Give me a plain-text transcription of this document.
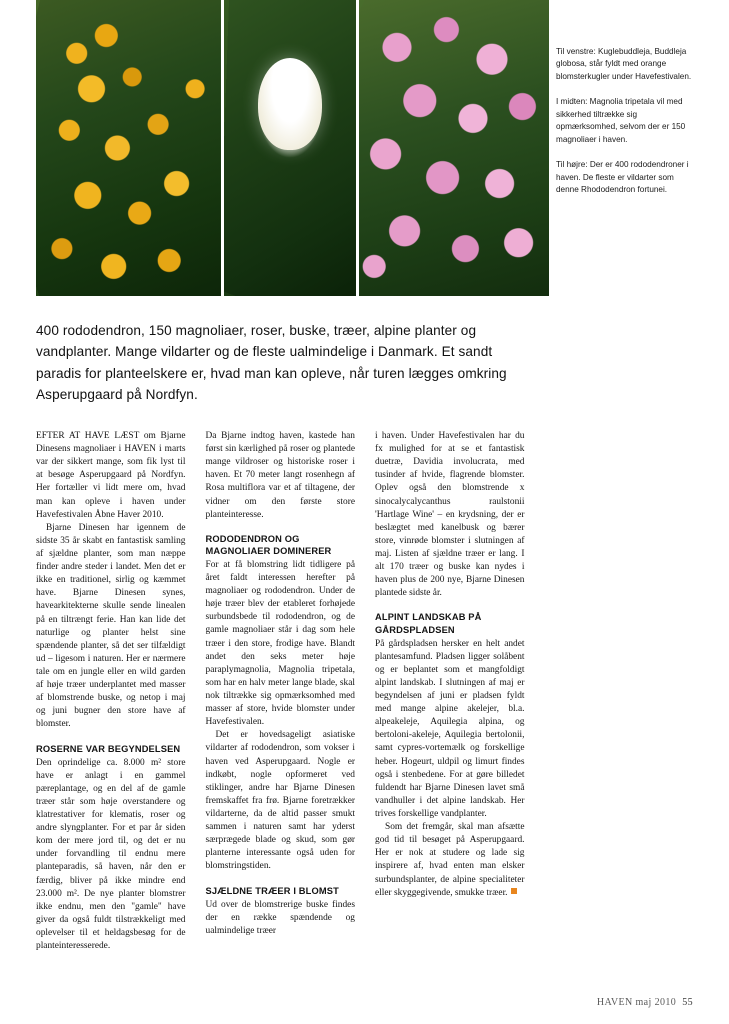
Til venstre: Kuglebuddleja, Buddleja globosa, står fyldt med orange blomsterkugler under Havefestivalen.

I midten: Magnolia tripetala vil med sikkerhed tiltrække sig opmærksomhed, selvom der er 150 magnoliaer i haven.

Til højre: Der er 400 rododendroner i haven. De fleste er vildarter som denne Rhododendron fortunei.

400 rododendron, 150 magnoliaer, roser, buske, træer, alpine planter og vandplanter. Mange vildarter og de fleste ualmindelige i Danmark. Et sandt paradis for planteelskere er, hvad man kan opleve, når turen lægges omkring Asperupgaard på Nordfyn.

EFTER AT HAVE LÆST om Bjarne Dinesens magnoliaer i HAVEN i marts var der sikkert mange, som fik lyst til at besøge Asperupgaard på Nordfyn. Her fortæller vi lidt mere om, hvad man kan opleve i haven under Havefestivalen Åbne Haver 2010.

Bjarne Dinesen har igennem de sidste 35 år skabt en fantastisk samling af sjældne planter, som man næppe finder andre steder i landet. Men det er ikke en traditionel, sirlig og kæmmet have. Bjarne Dinesen synes, havearkitekterne skulle sende linealen på en tiltrængt ferie. Han kan lide det naturlige og planter helst sine spændende planter, så det ser tilfældigt ud – ligesom i naturen. Her er nærmere tale om en jungle eller en wild garden af høje træer underplantet med masser af blomstrende buske, og netop i maj og juni bugner den store have af blomster.

ROSERNE VAR BEGYNDELSEN

Den oprindelige ca. 8.000 m² store have er anlagt i en gammel pæreplantage, og en del af de gamle træer står som høje overstandere og klatrestativer for klematis, roser og andre slyngplanter. For et par år siden kom der mere jord til, og det er nu under forvandling til endnu mere planteparadis, så haven, når den er færdig, bliver på ikke mindre end 23.000 m². De nye planter blomstrer ikke endnu, men den "gamle" have giver da også fuldt tilstrækkeligt med oplevelser til et heldagsbesøg for de planteinteresserede.

Da Bjarne indtog haven, kastede han først sin kærlighed på roser og plantede mange vildroser og historiske roser i haven. Et 70 meter langt rosenhegn af Rosa multiflora var et af tiltagene, der vidner om den første store planteinteresse.

RODODENDRON OG MAGNOLIAER DOMINERER

For at få blomstring lidt tidligere på året faldt interessen herefter på magnoliaer og rododendron. Under de høje træer blev der etableret forhøjede surbundsbede til rododendron, og de gamle magnoliaer står i dag som hele træer i den store, frodige have. Blandt andet den seks meter høje paraplymagnolia, Magnolia tripetala, som har en halv meter lange blade, skal nok tiltrække sig opmærksomhed med masser af store, hvide blomster under Havefestivalen.

Det er hovedsageligt asiatiske vildarter af rododendron, som vokser i haven ved Asperupgaard. Nogle er indkøbt, nogle opformeret ved stiklinger, andre har Bjarne Dinesen fremskaffet fra frø. Bjarne foretrækker vildarterne, da de altid passer smukt sammen i naturen samt har yderst særprægede blade og skud, som gør planterne interessante også uden for blomstringstiden.

SJÆLDNE TRÆER I BLOMST

Ud over de blomstrerige buske findes der en række spændende og ualmindelige træer

i haven. Under Havefestivalen har du fx mulighed for at se et fantastisk duetræ, Davidia involucrata, med tusinder af hvide, flagrende blomster. Oplev også den blomstrende x sinocalycalycanthus raulstonii 'Hartlage Wine' – en krydsning, der er beslægtet med kanelbusk og bærer store, vinrøde blomster i slutningen af maj. Listen af sjældne træer er lang. I alt 170 træer og buske kan nydes i haven plus de 200 nye, Bjarne Dinesen plantede sidste år.

ALPINT LANDSKAB PÅ GÅRDSPLADSEN

På gårdspladsen hersker en helt andet plantesamfund. Pladsen ligger solåbent og er beplantet som et mangfoldigt alpint landskab. I slutningen af maj er begyndelsen af juni er pladsen fyldt med mange alpine akelejer, bl.a. alpeakeleje, Aquilegia alpina, og bertoloni-akeleje, Aquilegia bertolonii, samt cypres-vortemælk og forskellige heber. Hogeurt, uldpil og limurt findes også i stenbedene. For at gøre billedet fuldendt har Bjarne Dinesen lavet små vandhuller i det alpine landskab. Her trives forskellige vandplanter.

Som det fremgår, skal man afsætte god tid til besøget på Asperupgaard. Her er nok at studere og lade sig inspirere af, hvad enten man elsker surbundsplanter, de alpine specialiteter eller skyggegivende, smukke træer.

HAVEN maj 2010 55
